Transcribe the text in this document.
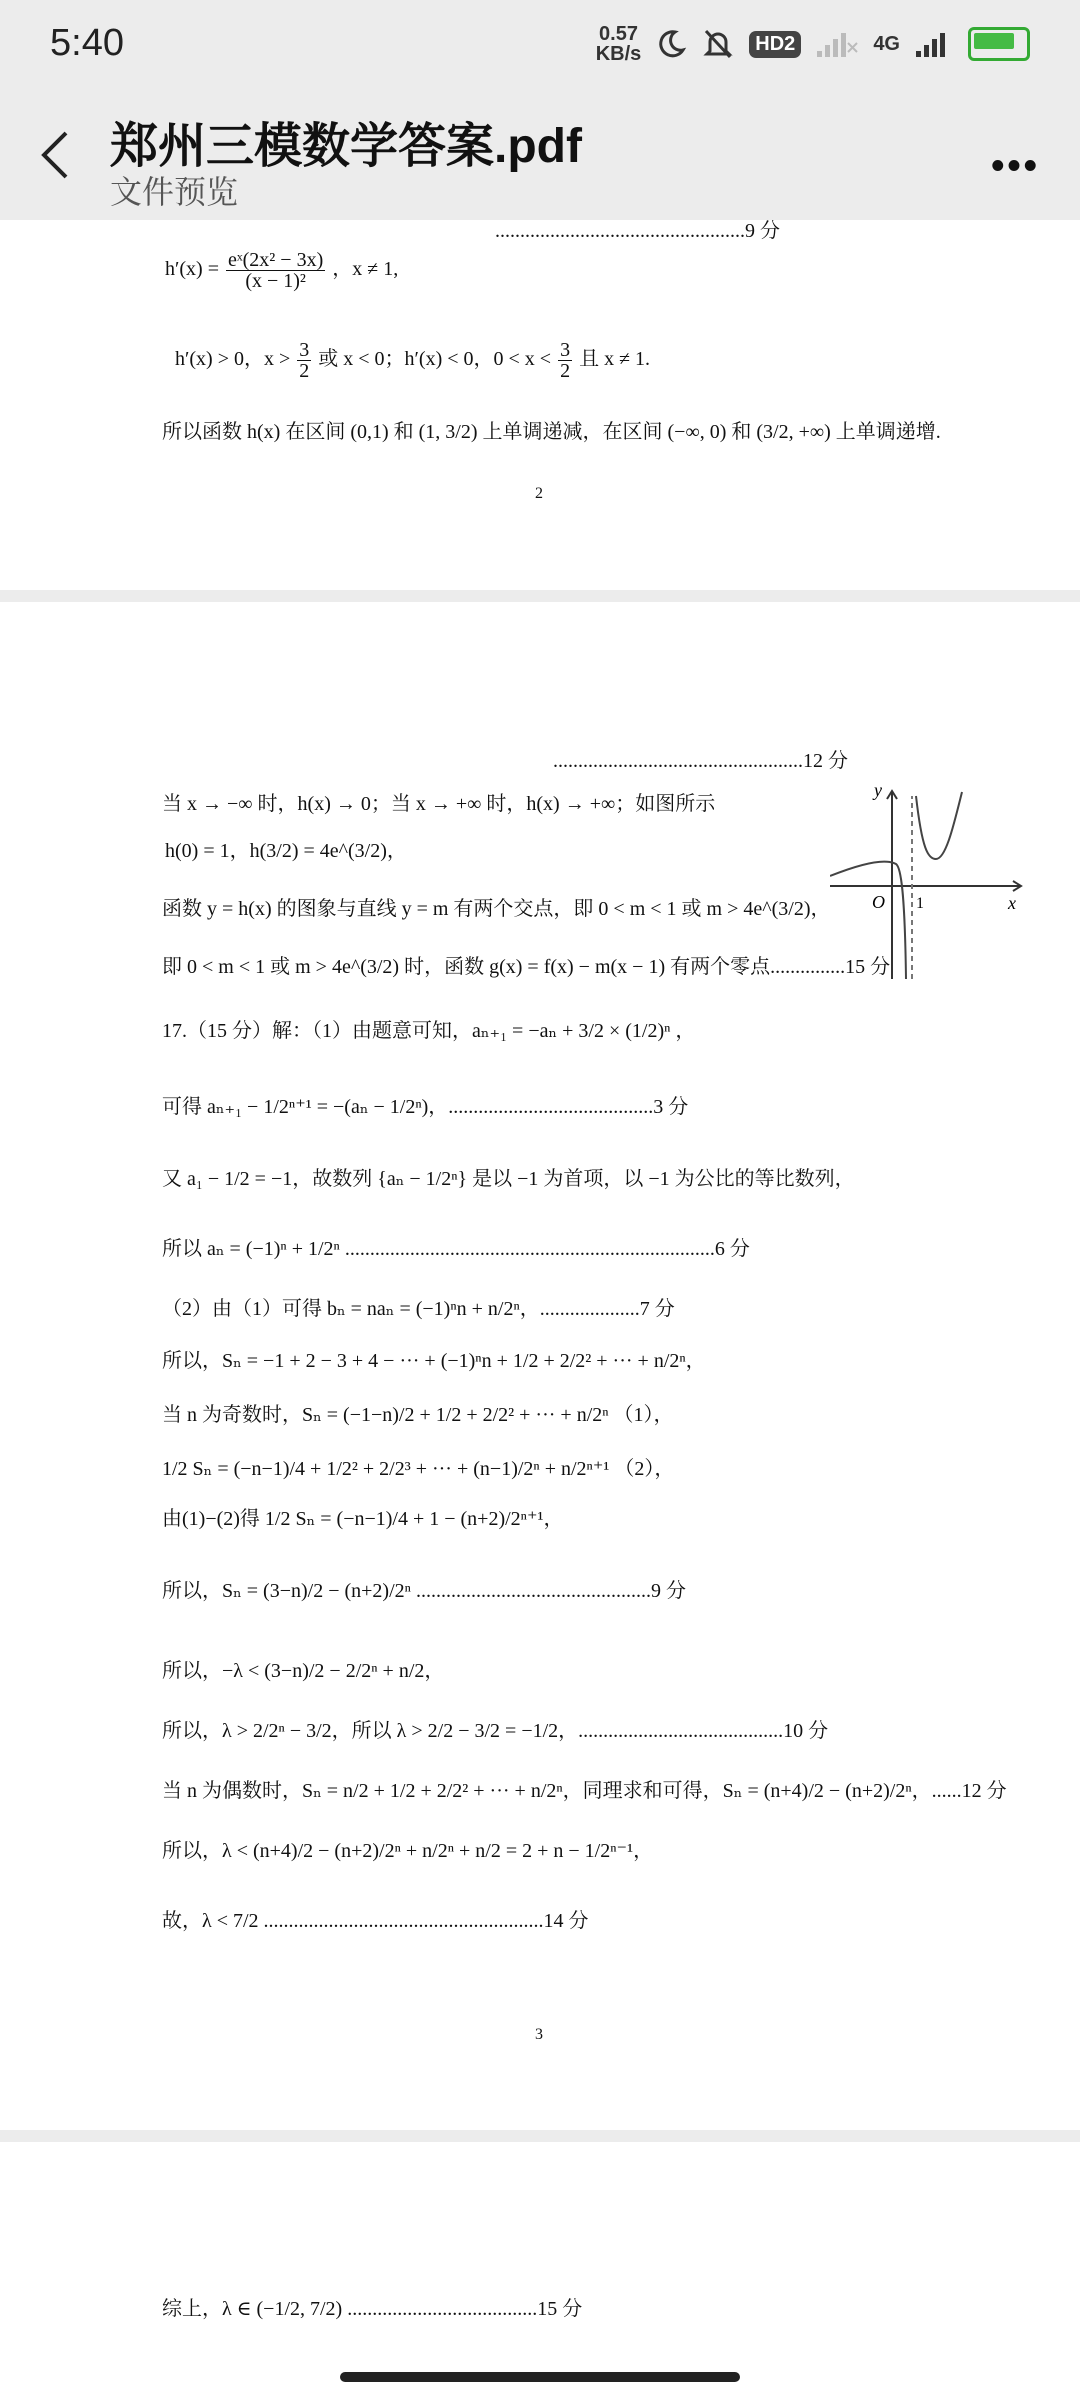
5:40	0.57
KB/s	HD2	4G
郑州三模数学答案.pdf
文件预览
•••
..................................................9 分
$h'(x) = \frac{\text{eˣ(2x² − 3x)}}{\text{(x − 1)²}}$ ，x ≠ 1,
h′(x) > 0，$x > \frac{3}{2}$ 或 x < 0；h′(x) < 0，$0 < x < \frac{3}{2}$ 且 x ≠ 1.
所以函数 h(x) 在区间 (0,1) 和 (1, 3/2) 上单调递减，在区间 (−∞, 0) 和 (3/2, +∞) 上单调递增.
2
..................................................12 分
当 x → −∞ 时，h(x) → 0；当 x → +∞ 时，h(x) → +∞；如图所示
h(0) = 1，h(3/2) = 4e^(3/2)，
函数 y = h(x) 的图象与直线 y = m 有两个交点，即 0 < m < 1 或 m > 4e^(3/2)，
即 0 < m < 1 或 m > 4e^(3/2) 时，函数 g(x) = f(x) − m(x − 1) 有两个零点...............15 分
y
x
O 1
17.（15 分）解：（1）由题意可知，aₙ₊₁ = −aₙ + 3/2 × (1/2)ⁿ ，
可得 aₙ₊₁ − 1/2ⁿ⁺¹ = −(aₙ − 1/2ⁿ)，.........................................3 分
又 a₁ − 1/2 = −1，故数列 {aₙ − 1/2ⁿ} 是以 −1 为首项，以 −1 为公比的等比数列，
所以 aₙ = (−1)ⁿ + 1/2ⁿ ..........................................................................6 分
（2）由（1）可得 bₙ = naₙ = (−1)ⁿn + n/2ⁿ，....................7 分
所以，Sₙ = −1 + 2 − 3 + 4 − ··· + (−1)ⁿn + 1/2 + 2/2² + ··· + n/2ⁿ，
当 n 为奇数时，Sₙ = (−1−n)/2 + 1/2 + 2/2² + ··· + n/2ⁿ （1），
1/2 Sₙ = (−n−1)/4 + 1/2² + 2/2³ + ··· + (n−1)/2ⁿ + n/2ⁿ⁺¹ （2），
由(1)−(2)得 1/2 Sₙ = (−n−1)/4 + 1 − (n+2)/2ⁿ⁺¹，
所以，Sₙ = (3−n)/2 − (n+2)/2ⁿ ...............................................9 分
所以，−λ < (3−n)/2 − 2/2ⁿ + n/2，
所以，λ > 2/2ⁿ − 3/2，所以 λ > 2/2 − 3/2 = −1/2，.........................................10 分
当 n 为偶数时，Sₙ = n/2 + 1/2 + 2/2² + ··· + n/2ⁿ，同理求和可得，Sₙ = (n+4)/2 − (n+2)/2ⁿ，......12 分
所以，λ < (n+4)/2 − (n+2)/2ⁿ + n/2ⁿ + n/2 = 2 + n − 1/2ⁿ⁻¹，
故，λ < 7/2 ........................................................14 分
3
综上，λ ∈ (−1/2, 7/2) ......................................15 分
